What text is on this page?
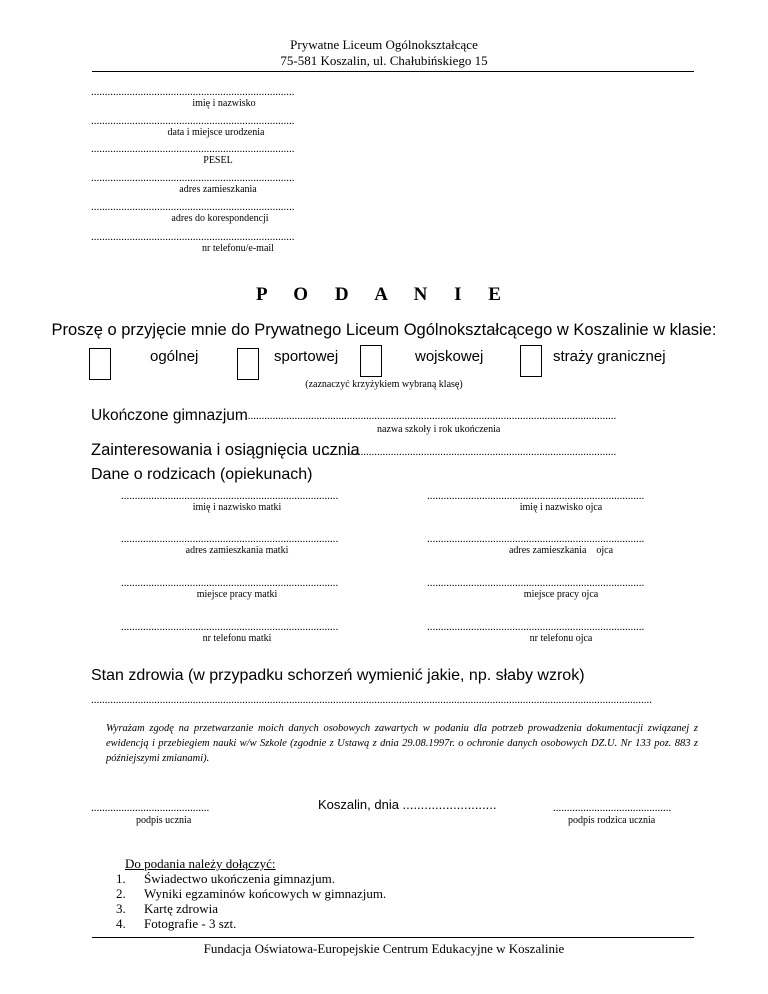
Prywatne Liceum Ogólnokształcące
75-581 Koszalin, ul. Chałubińskiego 15
..........................................................................
imię i nazwisko
..........................................................................
data i miejsce urodzenia
..........................................................................
PESEL
..........................................................................
adres zamieszkania
..........................................................................
adres do korespondencji
..........................................................................
nr telefonu/e-mail
P O D A N I E
Proszę o przyjęcie mnie do Prywatnego Liceum Ogólnokształcącego w Koszalinie w klasie:
ogólnej	sportowej	wojskowej	straży granicznej
(zaznaczyć krzyżykiem wybraną klasę)
Ukończone gimnazjum
.......................................................................................................................................
nazwa szkoły i rok ukończenia
Zainteresowania i osiągnięcia ucznia
...........................................................................................................
Dane o rodzicach (opiekunach)
...............................................................................
imię i nazwisko matki
...............................................................................
imię i nazwisko ojca
...............................................................................
adres zamieszkania matki
...............................................................................
adres zamieszkania    ojca
...............................................................................
miejsce pracy matki
...............................................................................
miejsce pracy ojca
...............................................................................
nr telefonu matki
...............................................................................
nr telefonu ojca
Stan zdrowia (w przypadku schorzeń wymienić jakie, np. słaby wzrok)
............................................................................................................................................................................................................
Wyrażam zgodę na przetwarzanie moich danych osobowych zawartych w podaniu dla potrzeb prowadzenia dokumentacji związanej z ewidencją i przebiegiem nauki w/w Szkole (zgodnie z Ustawą z dnia 29.08.1997r. o ochronie danych osobowych DZ.U. Nr 133 poz. 883 z późniejszymi zmianami).
...........................................
podpis ucznia
Koszalin, dnia ..........................	...........................................
podpis rodzica ucznia
Do podania należy dołączyć:
1. Świadectwo ukończenia gimnazjum.
2. Wyniki egzaminów końcowych w gimnazjum.
3. Kartę zdrowia
4. Fotografie - 3 szt.
Fundacja Oświatowa-Europejskie Centrum Edukacyjne w Koszalinie
